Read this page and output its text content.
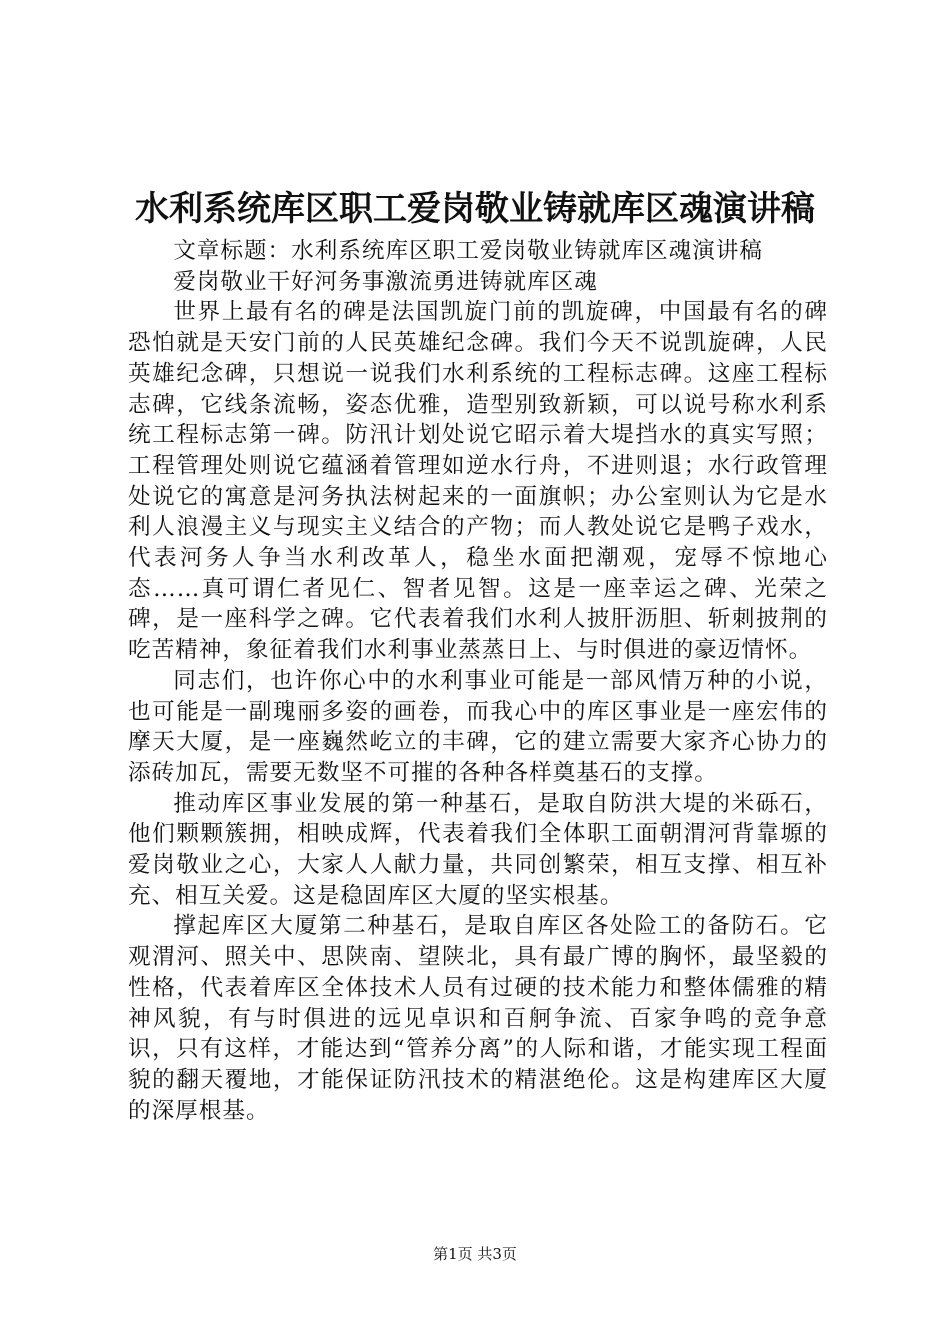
水利系统库区职工爱岗敬业铸就库区魂演讲稿

文章标题：水利系统库区职工爱岗敬业铸就库区魂演讲稿

爱岗敬业干好河务事激流勇进铸就库区魂

世界上最有名的碑是法国凯旋门前的凯旋碑，中国最有名的碑恐怕就是天安门前的人民英雄纪念碑。我们今天不说凯旋碑，人民英雄纪念碑，只想说一说我们水利系统的工程标志碑。这座工程标志碑，它线条流畅，姿态优雅，造型别致新颖，可以说号称水利系统工程标志第一碑。防汛计划处说它昭示着大堤挡水的真实写照；工程管理处则说它蕴涵着管理如逆水行舟，不进则退；水行政管理处说它的寓意是河务执法树起来的一面旗帜；办公室则认为它是水利人浪漫主义与现实主义结合的产物；而人教处说它是鸭子戏水，代表河务人争当水利改革人，稳坐水面把潮观，宠辱不惊地心态……真可谓仁者见仁、智者见智。这是一座幸运之碑、光荣之碑，是一座科学之碑。它代表着我们水利人披肝沥胆、斩刺披荆的吃苦精神，象征着我们水利事业蒸蒸日上、与时俱进的豪迈情怀。

同志们，也许你心中的水利事业可能是一部风情万种的小说，也可能是一副瑰丽多姿的画卷，而我心中的库区事业是一座宏伟的摩天大厦，是一座巍然屹立的丰碑，它的建立需要大家齐心协力的添砖加瓦，需要无数坚不可摧的各种各样奠基石的支撑。

推动库区事业发展的第一种基石，是取自防洪大堤的米砾石，他们颗颗簇拥，相映成辉，代表着我们全体职工面朝渭河背靠塬的爱岗敬业之心，大家人人献力量，共同创繁荣，相互支撑、相互补充、相互关爱。这是稳固库区大厦的坚实根基。

撑起库区大厦第二种基石，是取自库区各处险工的备防石。它观渭河、照关中、思陕南、望陕北，具有最广博的胸怀，最坚毅的性格，代表着库区全体技术人员有过硬的技术能力和整体儒雅的精神风貌，有与时俱进的远见卓识和百舸争流、百家争鸣的竞争意识，只有这样，才能达到“管养分离”的人际和谐，才能实现工程面貌的翻天覆地，才能保证防汛技术的精湛绝伦。这是构建库区大厦的深厚根基。

第1页 共3页
